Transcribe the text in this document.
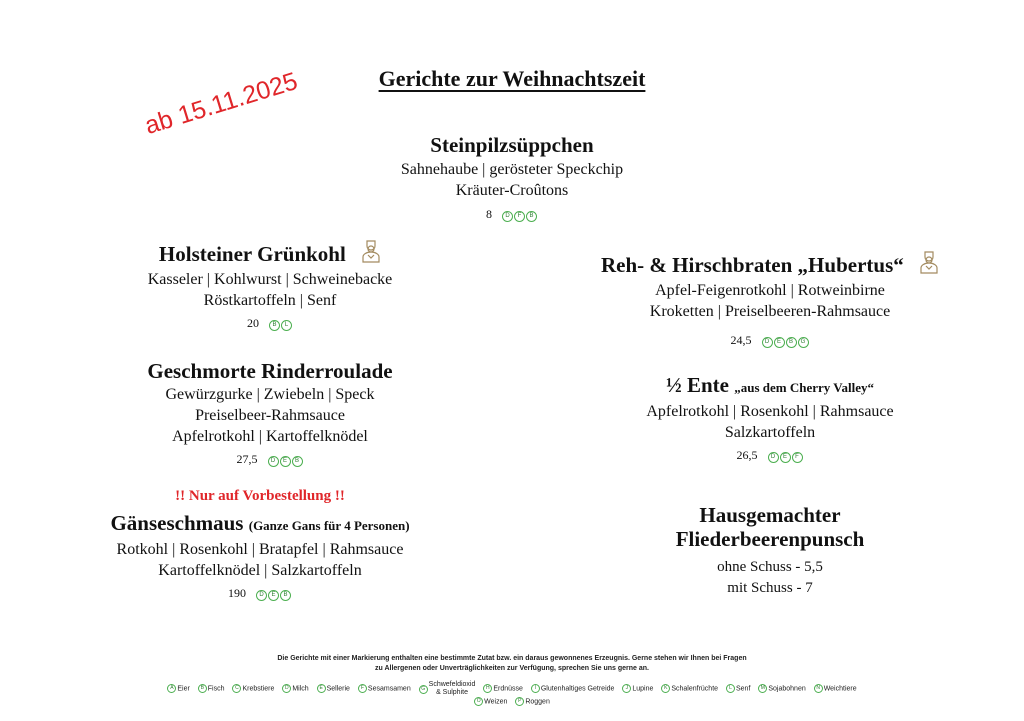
Gerichte zur Weihnachtszeit
ab 15.11.2025
Steinpilzsüppchen
Sahnehaube | gerösteter Speckchip
Kräuter-Croûtons
8 D F B
Holsteiner Grünkohl
Kasseler | Kohlwurst | Schweinebacke
Röstkartoffeln | Senf
20 B L
Reh- & Hirschbraten „Hubertus“
Apfel-Feigenrotkohl | Rotweinbirne
Kroketten | Preiselbeeren-Rahmsauce
24,5 D E B G
Geschmorte Rinderroulade
Gewürzgurke | Zwiebeln | Speck
Preiselbeer-Rahmsauce
Apfelrotkohl | Kartoffelknödel
27,5 D E B
½ Ente „aus dem Cherry Valley“
Apfelrotkohl | Rosenkohl | Rahmsauce
Salzkartoffeln
26,5 D E F
!! Nur auf Vorbestellung !!
Gänseschmaus (Ganze Gans für 4 Personen)
Rotkohl | Rosenkohl | Bratapfel | Rahmsauce
Kartoffelknödel | Salzkartoffeln
190 D E B
Hausgemachter
Fliederbeerenpunsch
ohne Schuss - 5,5
mit Schuss - 7
Die Gerichte mit einer Markierung enthalten eine bestimmte Zutat bzw. ein daraus gewonnenes Erzeugnis. Gerne stehen wir Ihnen bei Fragen
zu Allergenen oder Unverträglichkeiten zur Verfügung, sprechen Sie uns gerne an.
A Eier B Fisch C Krebstiere D Milch E Sellerie F Sesamsamen GSchwefeldioxid
& Sulphite H Erdnüsse I Glutenhaltiges Getreide J Lupine K Schalenfrüchte L Senf M Sojabohnen N Weichtiere
O Weizen P Roggen
